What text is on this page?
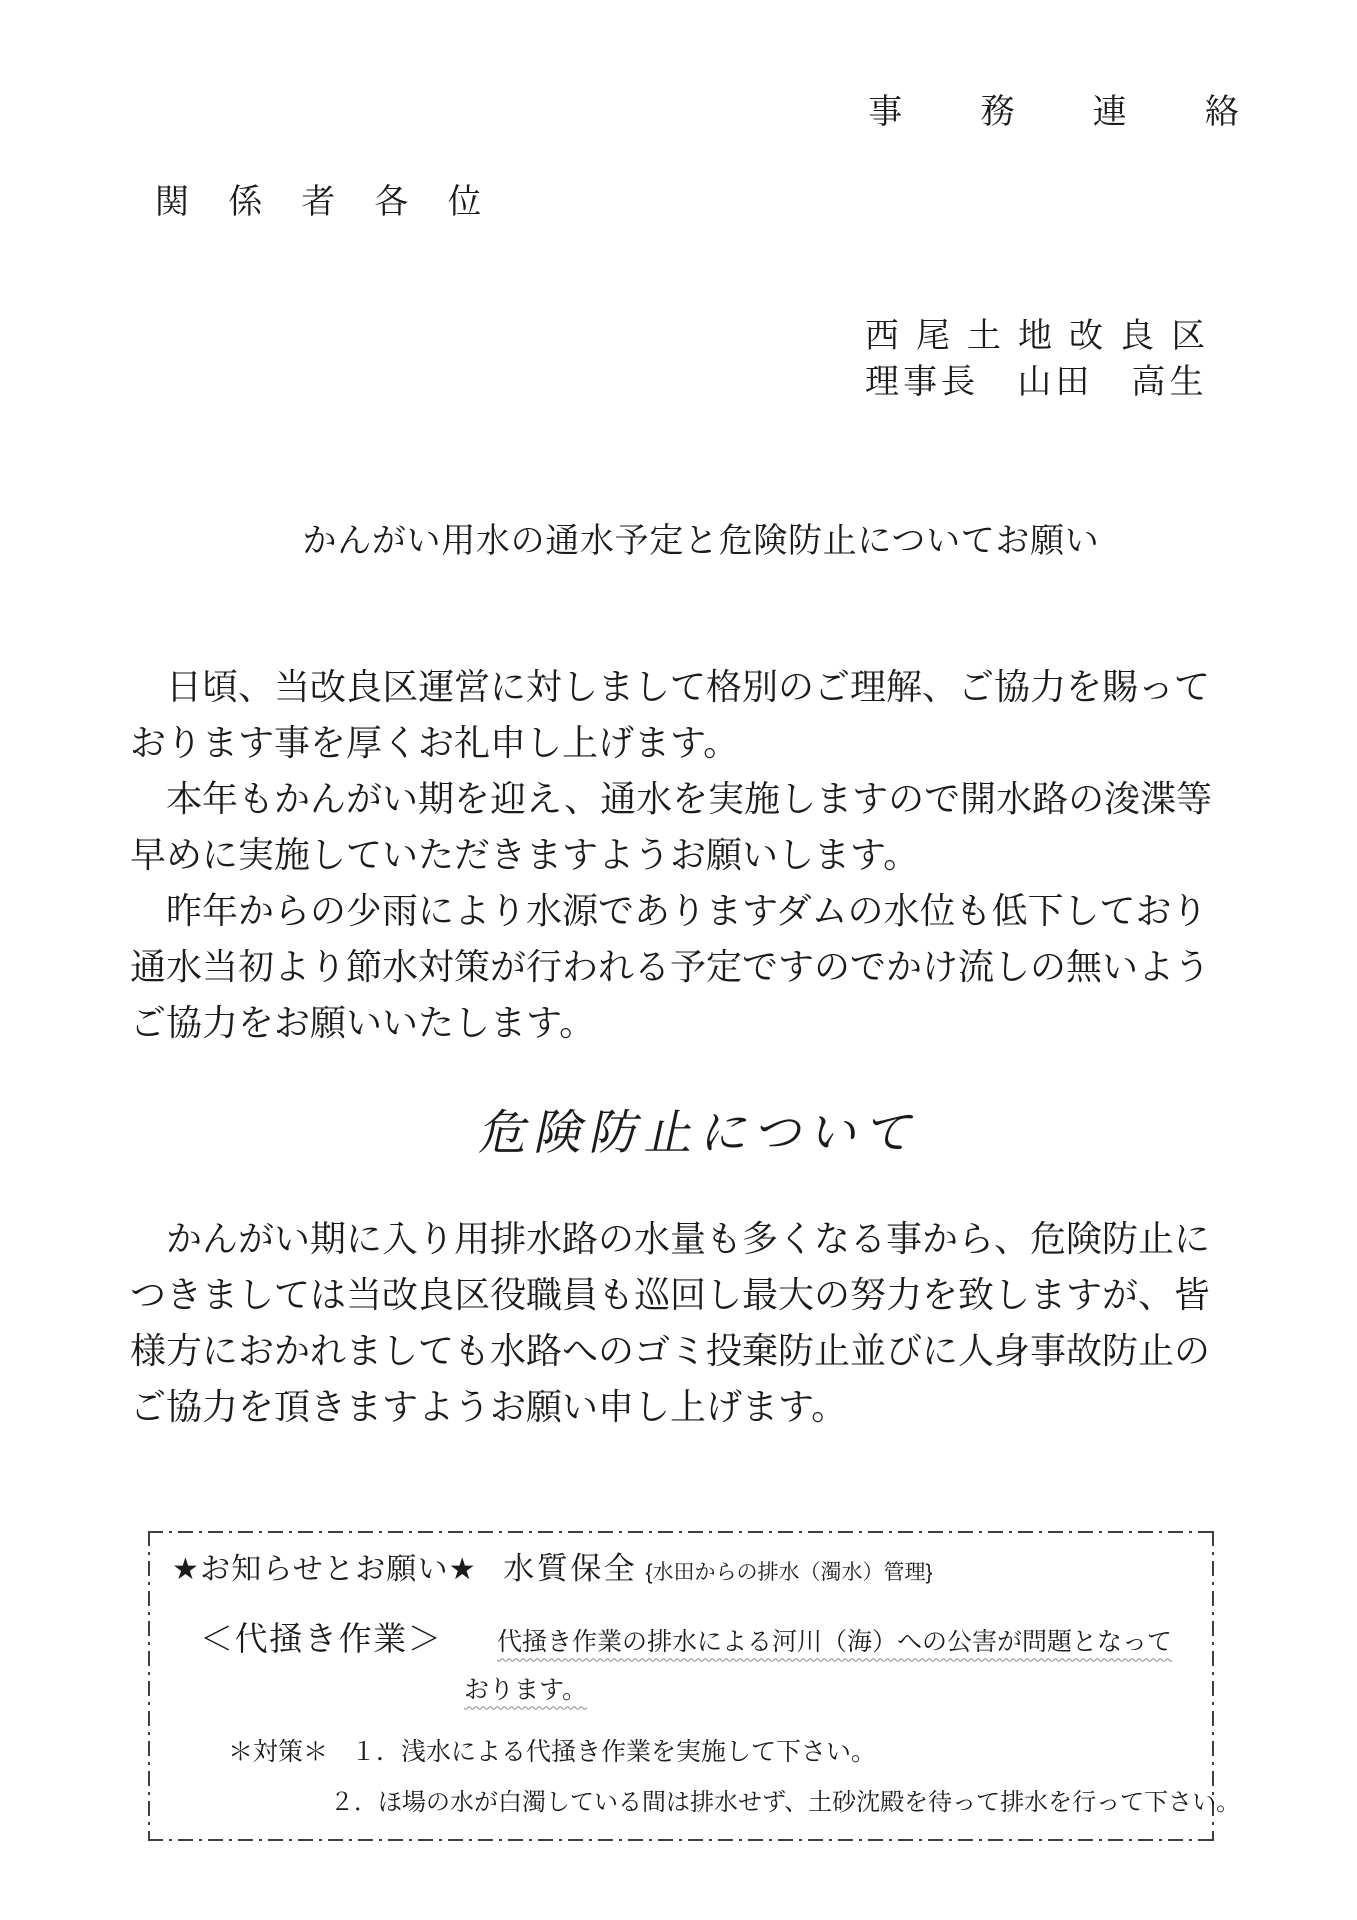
事務連絡
関係者各位
西尾土地改良区
理事長　山田　高生
かんがい用水の通水予定と危険防止についてお願い
　日頃、当改良区運営に対しまして格別のご理解、ご協力を賜って
おります事を厚くお礼申し上げます。
　本年もかんがい期を迎え、通水を実施しますので開水路の浚渫等
早めに実施していただきますようお願いします。
　昨年からの少雨により水源でありますダムの水位も低下しており
通水当初より節水対策が行われる予定ですのでかけ流しの無いよう
ご協力をお願いいたします。
危険防止について
　かんがい期に入り用排水路の水量も多くなる事から、危険防止に
つきましては当改良区役職員も巡回し最大の努力を致しますが、皆
様方におかれましても水路へのゴミ投棄防止並びに人身事故防止の
ご協力を頂きますようお願い申し上げます。
★お知らせとお願い★ 水質保全 {水田からの排水（濁水）管理}
＜代掻き作業＞ 代掻き作業の排水による河川（海）への公害が問題となって
おります。
＊対策＊ １．浅水による代掻き作業を実施して下さい。
２．ほ場の水が白濁している間は排水せず、土砂沈殿を待って排水を行って下さい。
